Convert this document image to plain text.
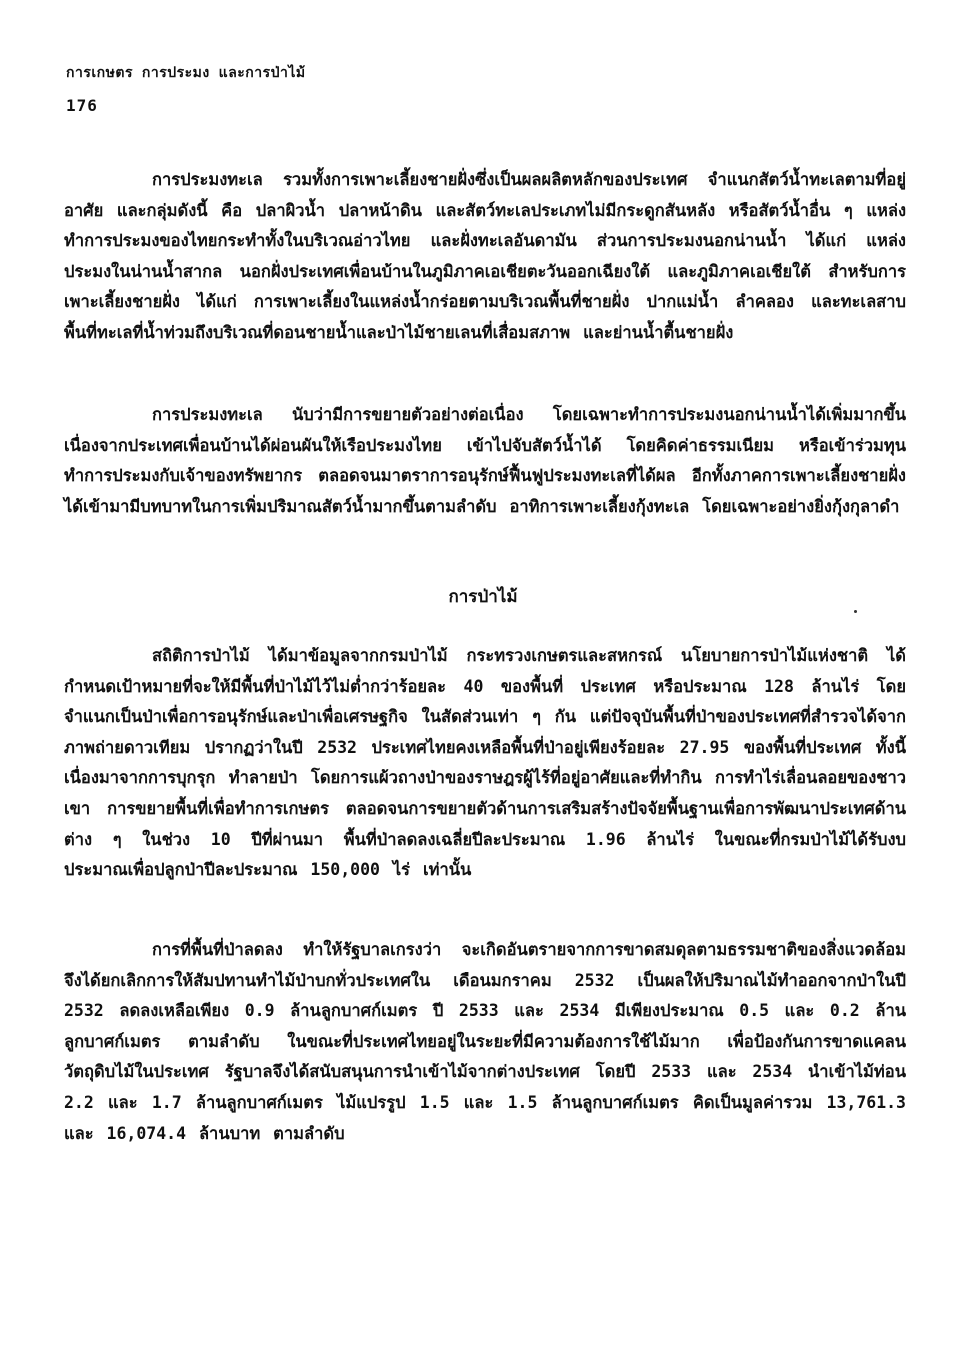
การเกษตร การประมง และการป่าไม้
176

การประมงทะเล รวมทั้งการเพาะเลี้ยงชายฝั่งซึ่งเป็นผลผลิตหลักของประเทศ จำแนกสัตว์น้ำทะเลตามที่อยู่อาศัย และกลุ่มดังนี้ คือ ปลาผิวน้ำ ปลาหน้าดิน และสัตว์ทะเลประเภทไม่มีกระดูกสันหลัง หรือสัตว์น้ำอื่น ๆ แหล่งทำการประมงของไทยกระทำทั้งในบริเวณอ่าวไทย และฝั่งทะเลอันดามัน ส่วนการประมงนอกน่านน้ำ ได้แก่ แหล่งประมงในน่านน้ำสากล นอกฝั่งประเทศเพื่อนบ้านในภูมิภาคเอเชียตะวันออกเฉียงใต้ และภูมิภาคเอเชียใต้ สำหรับการเพาะเลี้ยงชายฝั่ง ได้แก่ การเพาะเลี้ยงในแหล่งน้ำกร่อยตามบริเวณพื้นที่ชายฝั่ง ปากแม่น้ำ ลำคลอง และทะเลสาบ พื้นที่ทะเลที่น้ำท่วมถึงบริเวณที่ดอนชายน้ำและป่าไม้ชายเลนที่เสื่อมสภาพ และย่านน้ำตื้นชายฝั่ง

การประมงทะเล นับว่ามีการขยายตัวอย่างต่อเนื่อง โดยเฉพาะทำการประมงนอกน่านน้ำได้เพิ่มมากขึ้น เนื่องจากประเทศเพื่อนบ้านได้ผ่อนผันให้เรือประมงไทย เข้าไปจับสัตว์น้ำได้ โดยคิดค่าธรรมเนียม หรือเข้าร่วมทุนทำการประมงกับเจ้าของทรัพยากร ตลอดจนมาตราการอนุรักษ์ฟื้นฟูประมงทะเลที่ได้ผล อีกทั้งภาคการเพาะเลี้ยงชายฝั่งได้เข้ามามีบทบาทในการเพิ่มปริมาณสัตว์น้ำมากขึ้นตามลำดับ อาทิการเพาะเลี้ยงกุ้งทะเล โดยเฉพาะอย่างยิ่งกุ้งกุลาดำ

การป่าไม้

สถิติการป่าไม้ ได้มาข้อมูลจากกรมป่าไม้ กระทรวงเกษตรและสหกรณ์ นโยบายการป่าไม้แห่งชาติ ได้กำหนดเป้าหมายที่จะให้มีพื้นที่ป่าไม้ไว้ไม่ต่ำกว่าร้อยละ 40 ของพื้นที่ ประเทศ หรือประมาณ 128 ล้านไร่ โดยจำแนกเป็นป่าเพื่อการอนุรักษ์และป่าเพื่อเศรษฐกิจ ในสัดส่วนเท่า ๆ กัน แต่ปัจจุบันพื้นที่ป่าของประเทศที่สำรวจได้จากภาพถ่ายดาวเทียม ปรากฏว่าในปี 2532 ประเทศไทยคงเหลือพื้นที่ป่าอยู่เพียงร้อยละ 27.95 ของพื้นที่ประเทศ ทั้งนี้เนื่องมาจากการบุกรุก ทำลายป่า โดยการแผ้วถางป่าของราษฎรผู้ไร้ที่อยู่อาศัยและที่ทำกิน การทำไร่เลื่อนลอยของชาวเขา การขยายพื้นที่เพื่อทำการเกษตร ตลอดจนการขยายตัวด้านการเสริมสร้างปัจจัยพื้นฐานเพื่อการพัฒนาประเทศด้านต่าง ๆ ในช่วง 10 ปีที่ผ่านมา พื้นที่ป่าลดลงเฉลี่ยปีละประมาณ 1.96 ล้านไร่ ในขณะที่กรมป่าไม้ได้รับงบประมาณเพื่อปลูกป่าปีละประมาณ 150,000 ไร่ เท่านั้น

การที่พื้นที่ป่าลดลง ทำให้รัฐบาลเกรงว่า จะเกิดอันตรายจากการขาดสมดุลตามธรรมชาติของสิ่งแวดล้อม จึงได้ยกเลิกการให้สัมปทานทำไม้ป่าบกทั่วประเทศใน เดือนมกราคม 2532 เป็นผลให้ปริมาณไม้ทำออกจากป่าในปี 2532 ลดลงเหลือเพียง 0.9 ล้านลูกบาศก์เมตร ปี 2533 และ 2534 มีเพียงประมาณ 0.5 และ 0.2 ล้านลูกบาศก์เมตร ตามลำดับ ในขณะที่ประเทศไทยอยู่ในระยะที่มีความต้องการใช้ไม้มาก เพื่อป้องกันการขาดแคลนวัตถุดิบไม้ในประเทศ รัฐบาลจึงได้สนับสนุนการนำเข้าไม้จากต่างประเทศ โดยปี 2533 และ 2534 นำเข้าไม้ท่อน 2.2 และ 1.7 ล้านลูกบาศก์เมตร ไม้แปรรูป 1.5 และ 1.5 ล้านลูกบาศก์เมตร คิดเป็นมูลค่ารวม 13,761.3 และ 16,074.4 ล้านบาท ตามลำดับ
